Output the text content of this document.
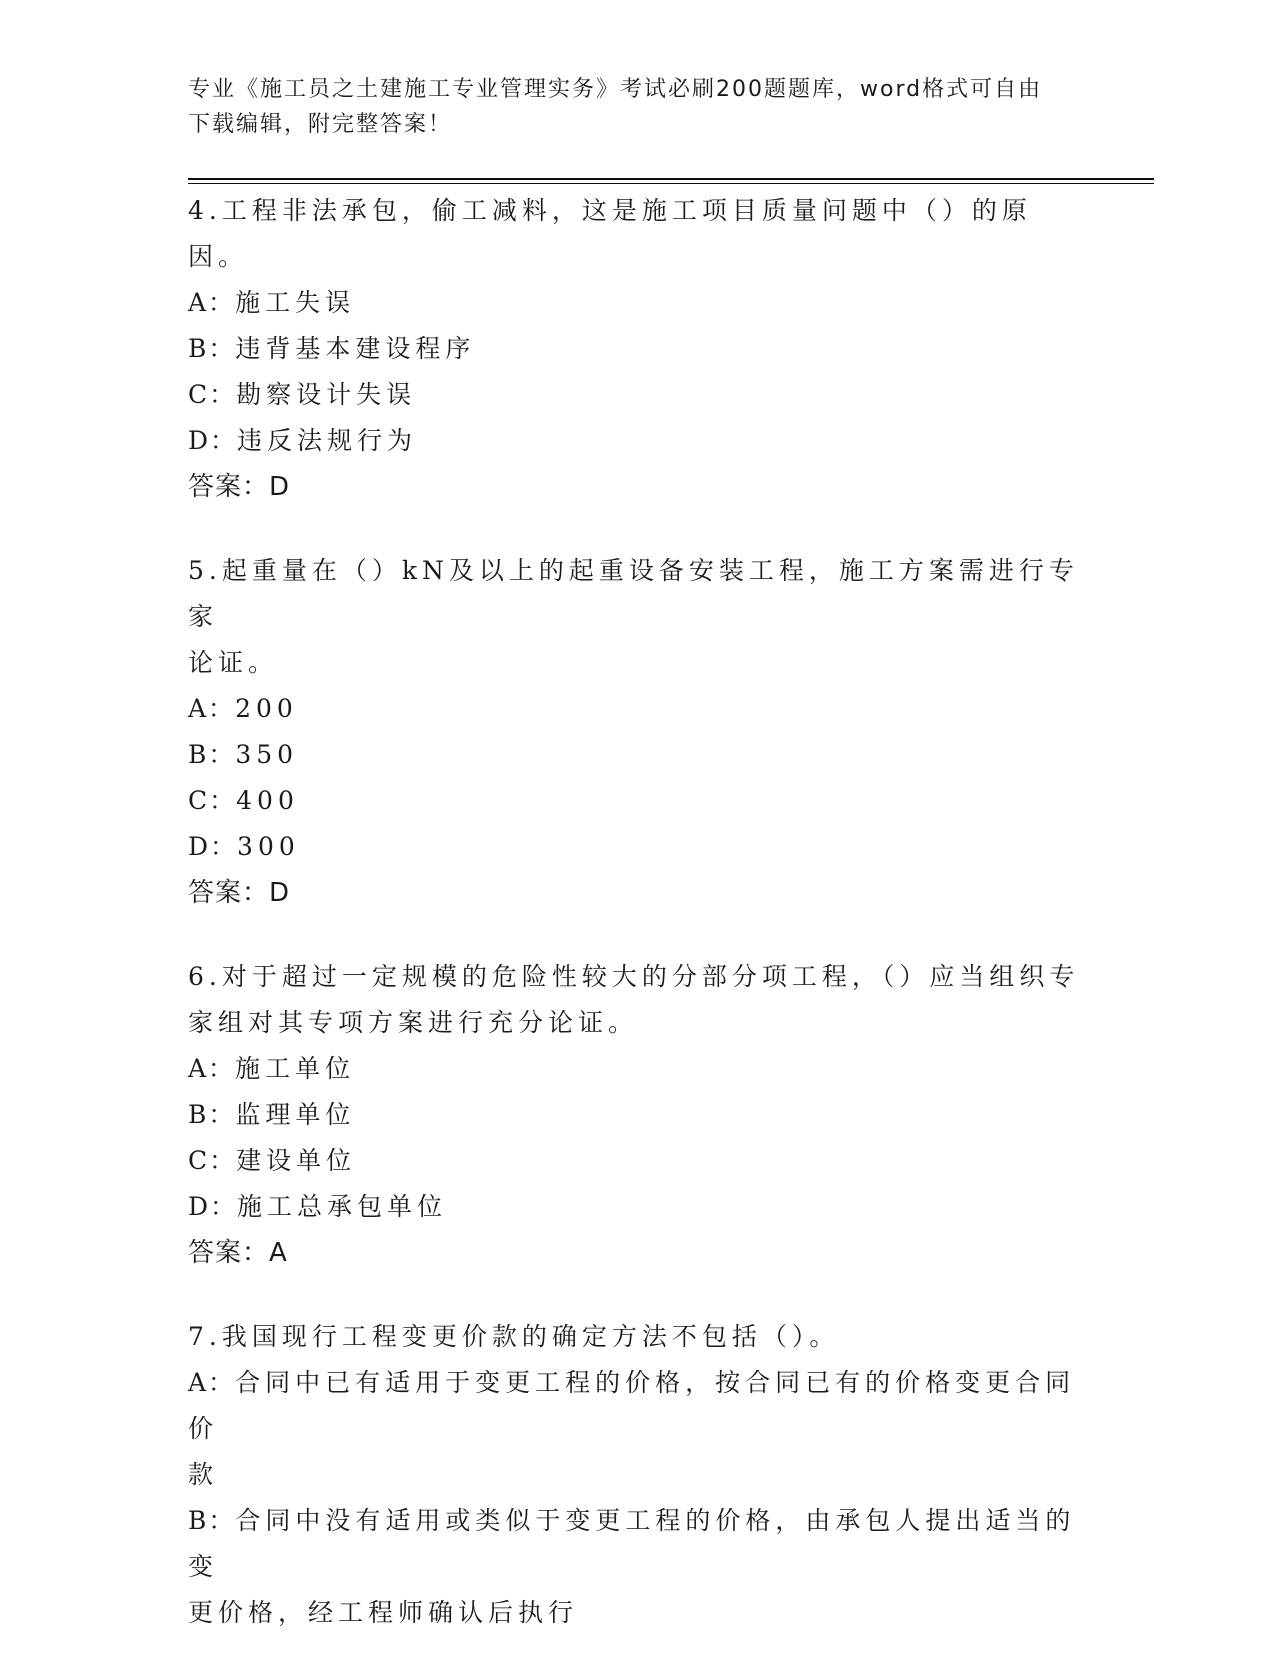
专业《施工员之土建施工专业管理实务》考试必刷200题题库，word格式可自由
下载编辑，附完整答案！
4.工程非法承包，偷工减料，这是施工项目质量问题中（）的原因。
A：施工失误
B：违背基本建设程序
C：勘察设计失误
D：违反法规行为
答案：D
5.起重量在（）kN及以上的起重设备安装工程，施工方案需进行专家
论证。
A：200
B：350
C：400
D：300
答案：D
6.对于超过一定规模的危险性较大的分部分项工程，（）应当组织专
家组对其专项方案进行充分论证。
A：施工单位
B：监理单位
C：建设单位
D：施工总承包单位
答案：A
7.我国现行工程变更价款的确定方法不包括（）。
A：合同中已有适用于变更工程的价格，按合同已有的价格变更合同价
款
B：合同中没有适用或类似于变更工程的价格，由承包人提出适当的变
更价格，经工程师确认后执行
